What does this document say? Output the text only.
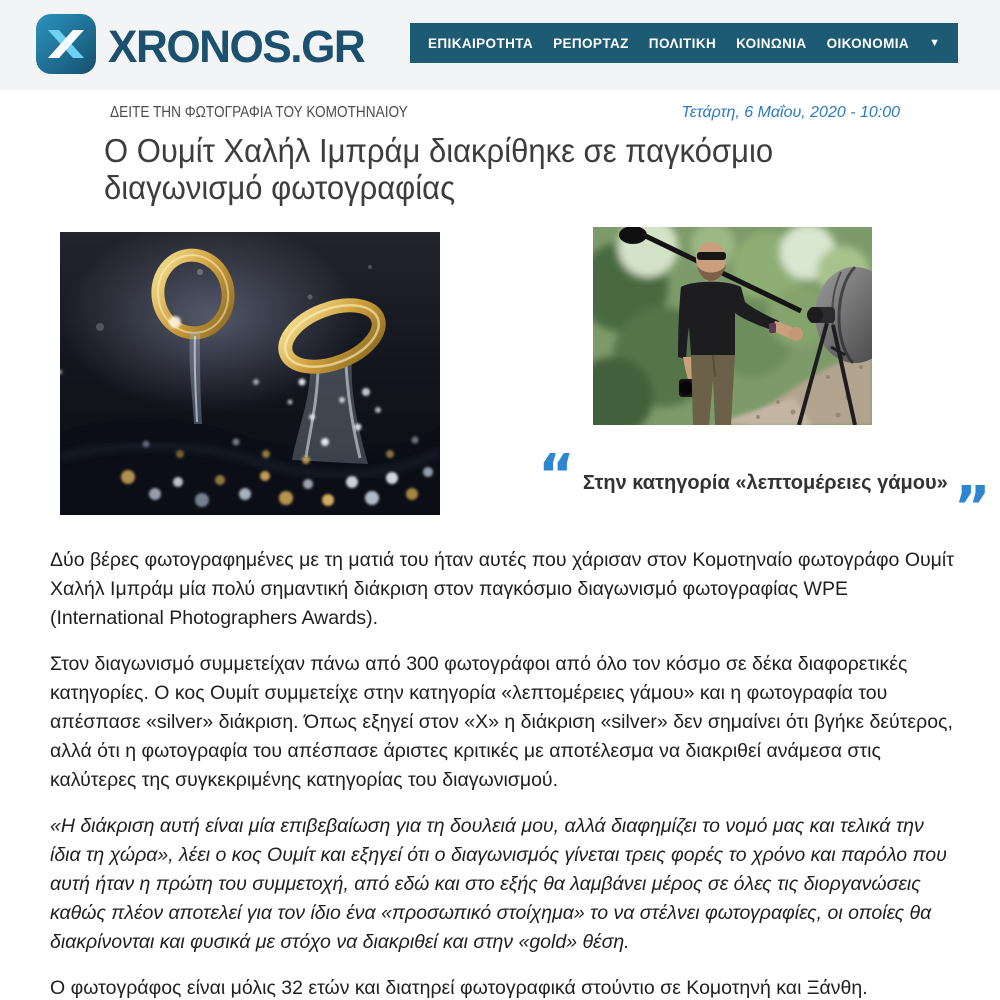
XRONOS.GR	ΕΠΙΚΑΙΡΟΤΗΤΑ ΡΕΠΟΡΤΑΖ ΠΟΛΙΤΙΚΗ ΚΟΙΝΩΝΙΑ ΟΙΚΟΝΟΜΙΑ ▼
ΔΕΙΤΕ ΤΗΝ ΦΩΤΟΓΡΑΦΙΑ ΤΟΥ ΚΟΜΟΤΗΝΑΙΟΥ	Τετάρτη, 6 Μαΐου, 2020 - 10:00
Ο Ουμίτ Χαλήλ Ιμπράμ διακρίθηκε σε παγκόσμιο διαγωνισμό φωτογραφίας
“ Στην κατηγορία «λεπτομέρειες γάμου» ”

Δύο βέρες φωτογραφημένες με τη ματιά του ήταν αυτές που χάρισαν στον Κομοτηναίο φωτογράφο Ουμίτ Χαλήλ Ιμπράμ μία πολύ σημαντική διάκριση στον παγκόσμιο διαγωνισμό φωτογραφίας WPE (International Photographers Awards).

Στον διαγωνισμό συμμετείχαν πάνω από 300 φωτογράφοι από όλο τον κόσμο σε δέκα διαφορετικές κατηγορίες. Ο κος Ουμίτ συμμετείχε στην κατηγορία «λεπτομέρειες γάμου» και η φωτογραφία του απέσπασε «silver» διάκριση. Όπως εξηγεί στον «Χ» η διάκριση «silver» δεν σημαίνει ότι βγήκε δεύτερος, αλλά ότι η φωτογραφία του απέσπασε άριστες κριτικές με αποτέλεσμα να διακριθεί ανάμεσα στις καλύτερες της συγκεκριμένης κατηγορίας του διαγωνισμού.

«Η διάκριση αυτή είναι μία επιβεβαίωση για τη δουλειά μου, αλλά διαφημίζει το νομό μας και τελικά την ίδια τη χώρα», λέει ο κος Ουμίτ και εξηγεί ότι ο διαγωνισμός γίνεται τρεις φορές το χρόνο και παρόλο που αυτή ήταν η πρώτη του συμμετοχή, από εδώ και στο εξής θα λαμβάνει μέρος σε όλες τις διοργανώσεις καθώς πλέον αποτελεί για τον ίδιο ένα «προσωπικό στοίχημα» το να στέλνει φωτογραφίες, οι οποίες θα διακρίνονται και φυσικά με στόχο να διακριθεί και στην «gold» θέση.

Ο φωτογράφος είναι μόλις 32 ετών και διατηρεί φωτογραφικά στούντιο σε Κομοτηνή και Ξάνθη.
